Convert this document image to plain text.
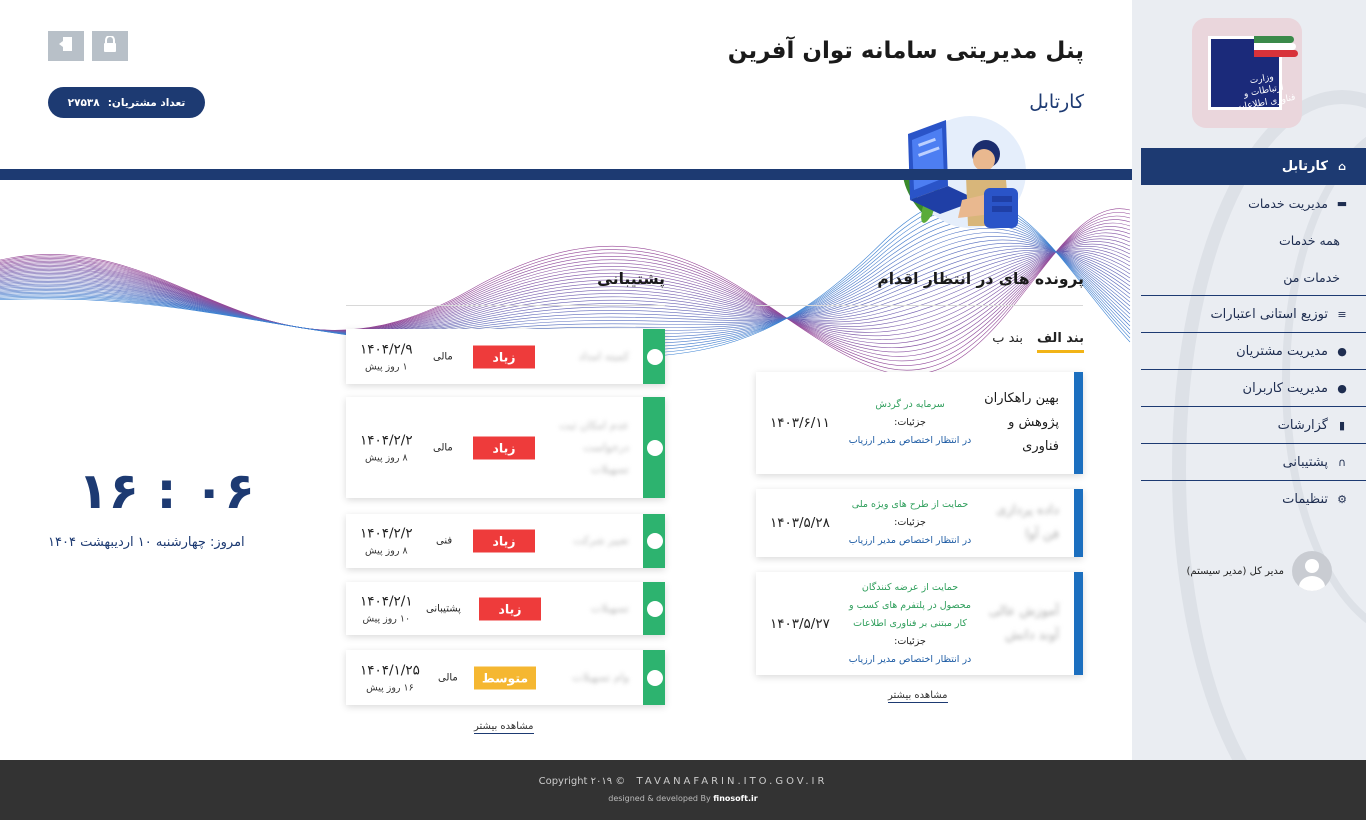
تعداد مشتریان:
۲۷۵۳۸
پنل مدیریتی سامانه توان آفرین
کارتابل
۱۶ : ۰۶
امروز: چهارشنبه ۱۰ اردیبهشت ۱۴۰۴
پرونده های در انتظار اقدام
بند الف
بند ب
بهین راهکاران پژوهش و فناوری
سرمایه در گردش
جزئیات:
در انتظار اختصاص مدیر ارزیاب
۱۴۰۳/۶/۱۱
داده پردازی فن آوا
حمایت از طرح های ویژه ملی
جزئیات:
در انتظار اختصاص مدیر ارزیاب
۱۴۰۳/۵/۲۸
آموزش عالی آوند دانش
حمایت از عرضه کنندگان محصول در پلتفرم های کسب و کار مبتنی بر فناوری اطلاعات
جزئیات:
در انتظار اختصاص مدیر ارزیاب
۱۴۰۳/۵/۲۷
مشاهده بیشتر
پشتیبانی
کمیته امداد
زیاد
مالی
۱۴۰۴/۲/۹
۱ روز پیش
عدم امکان ثبت درخواست تسهیلات
زیاد
مالی
۱۴۰۴/۲/۲
۸ روز پیش
تغییر شرکت
زیاد
فنی
۱۴۰۴/۲/۲
۸ روز پیش
تسهیلات
زیاد
پشتیبانی
۱۴۰۴/۲/۱
۱۰ روز پیش
وام تسهیلات
متوسط
مالی
۱۴۰۴/۱/۲۵
۱۶ روز پیش
مشاهده بیشتر
وزارت ارتباطات و فناوری اطلاعات
⌂
کارتابل
▬
مدیریت خدمات
همه خدمات
خدمات من
≡
توزیع استانی اعتبارات
●
مدیریت مشتریان
●
مدیریت کاربران
▮
گزارشات
∩
پشتیبانی
⚙
تنظیمات
مدیر کل (مدیر سیستم)
Copyright ۲۰۱۹ © TAVANAFARIN.ITO.GOV.IR
designed & developed By finosoft.ir
